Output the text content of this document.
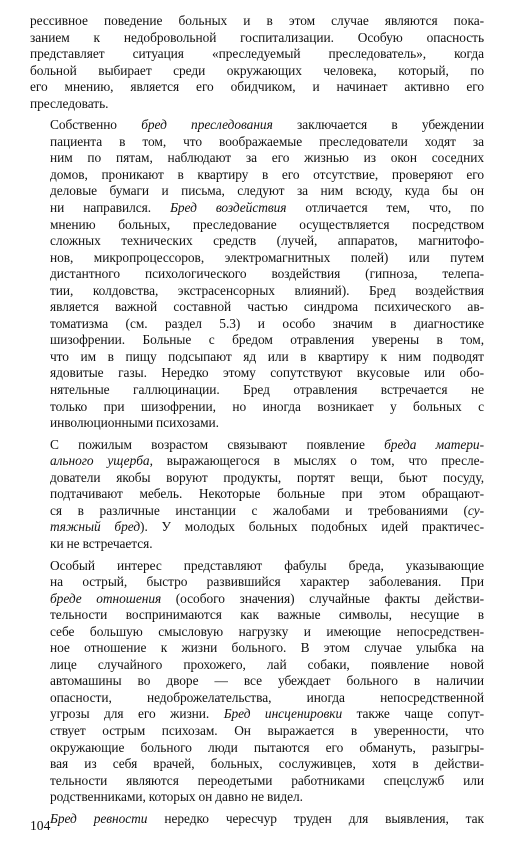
рессивное поведение больных и в этом случае являются пока-
занием к недобровольной госпитализации. Особую опасность
представляет ситуация «преследуемый преследователь», когда
больной выбирает среди окружающих человека, который, по
его мнению, является его обидчиком, и начинает активно его
преследовать.

Собственно бред преследования заключается в убеждении
пациента в том, что воображаемые преследователи ходят за
ним по пятам, наблюдают за его жизнью из окон соседних
домов, проникают в квартиру в его отсутствие, проверяют его
деловые бумаги и письма, следуют за ним всюду, куда бы он
ни направился. Бред воздействия отличается тем, что, по
мнению больных, преследование осуществляется посредством
сложных технических средств (лучей, аппаратов, магнитофо-
нов, микропроцессоров, электромагнитных полей) или путем
дистантного психологического воздействия (гипноза, телепа-
тии, колдовства, экстрасенсорных влияний). Бред воздействия
является важной составной частью синдрома психического ав-
томатизма (см. раздел 5.3) и особо значим в диагностике
шизофрении. Больные с бредом отравления уверены в том,
что им в пищу подсыпают яд или в квартиру к ним подводят
ядовитые газы. Нередко этому сопутствуют вкусовые или обо-
нятельные галлюцинации. Бред отравления встречается не
только при шизофрении, но иногда возникает у больных с
инволюционными психозами.

С пожилым возрастом связывают появление бреда матери-
ального ущерба, выражающегося в мыслях о том, что пресле-
дователи якобы воруют продукты, портят вещи, бьют посуду,
подтачивают мебель. Некоторые больные при этом обращают-
ся в различные инстанции с жалобами и требованиями (су-
тяжный бред). У молодых больных подобных идей практичес-
ки не встречается.

Особый интерес представляют фабулы бреда, указывающие
на острый, быстро развившийся характер заболевания. При
бреде отношения (особого значения) случайные факты действи-
тельности воспринимаются как важные символы, несущие в
себе большую смысловую нагрузку и имеющие непосредствен-
ное отношение к жизни больного. В этом случае улыбка на
лице случайного прохожего, лай собаки, появление новой
автомашины во дворе — все убеждает больного в наличии
опасности, недоброжелательства, иногда непосредственной
угрозы для его жизни. Бред инсценировки также чаще сопут-
ствует острым психозам. Он выражается в уверенности, что
окружающие больного люди пытаются его обмануть, разыгры-
вая из себя врачей, больных, сослуживцев, хотя в действи-
тельности являются переодетыми работниками спецслужб или
родственниками, которых он давно не видел.

Бред ревности нередко чересчур труден для выявления, так

104
